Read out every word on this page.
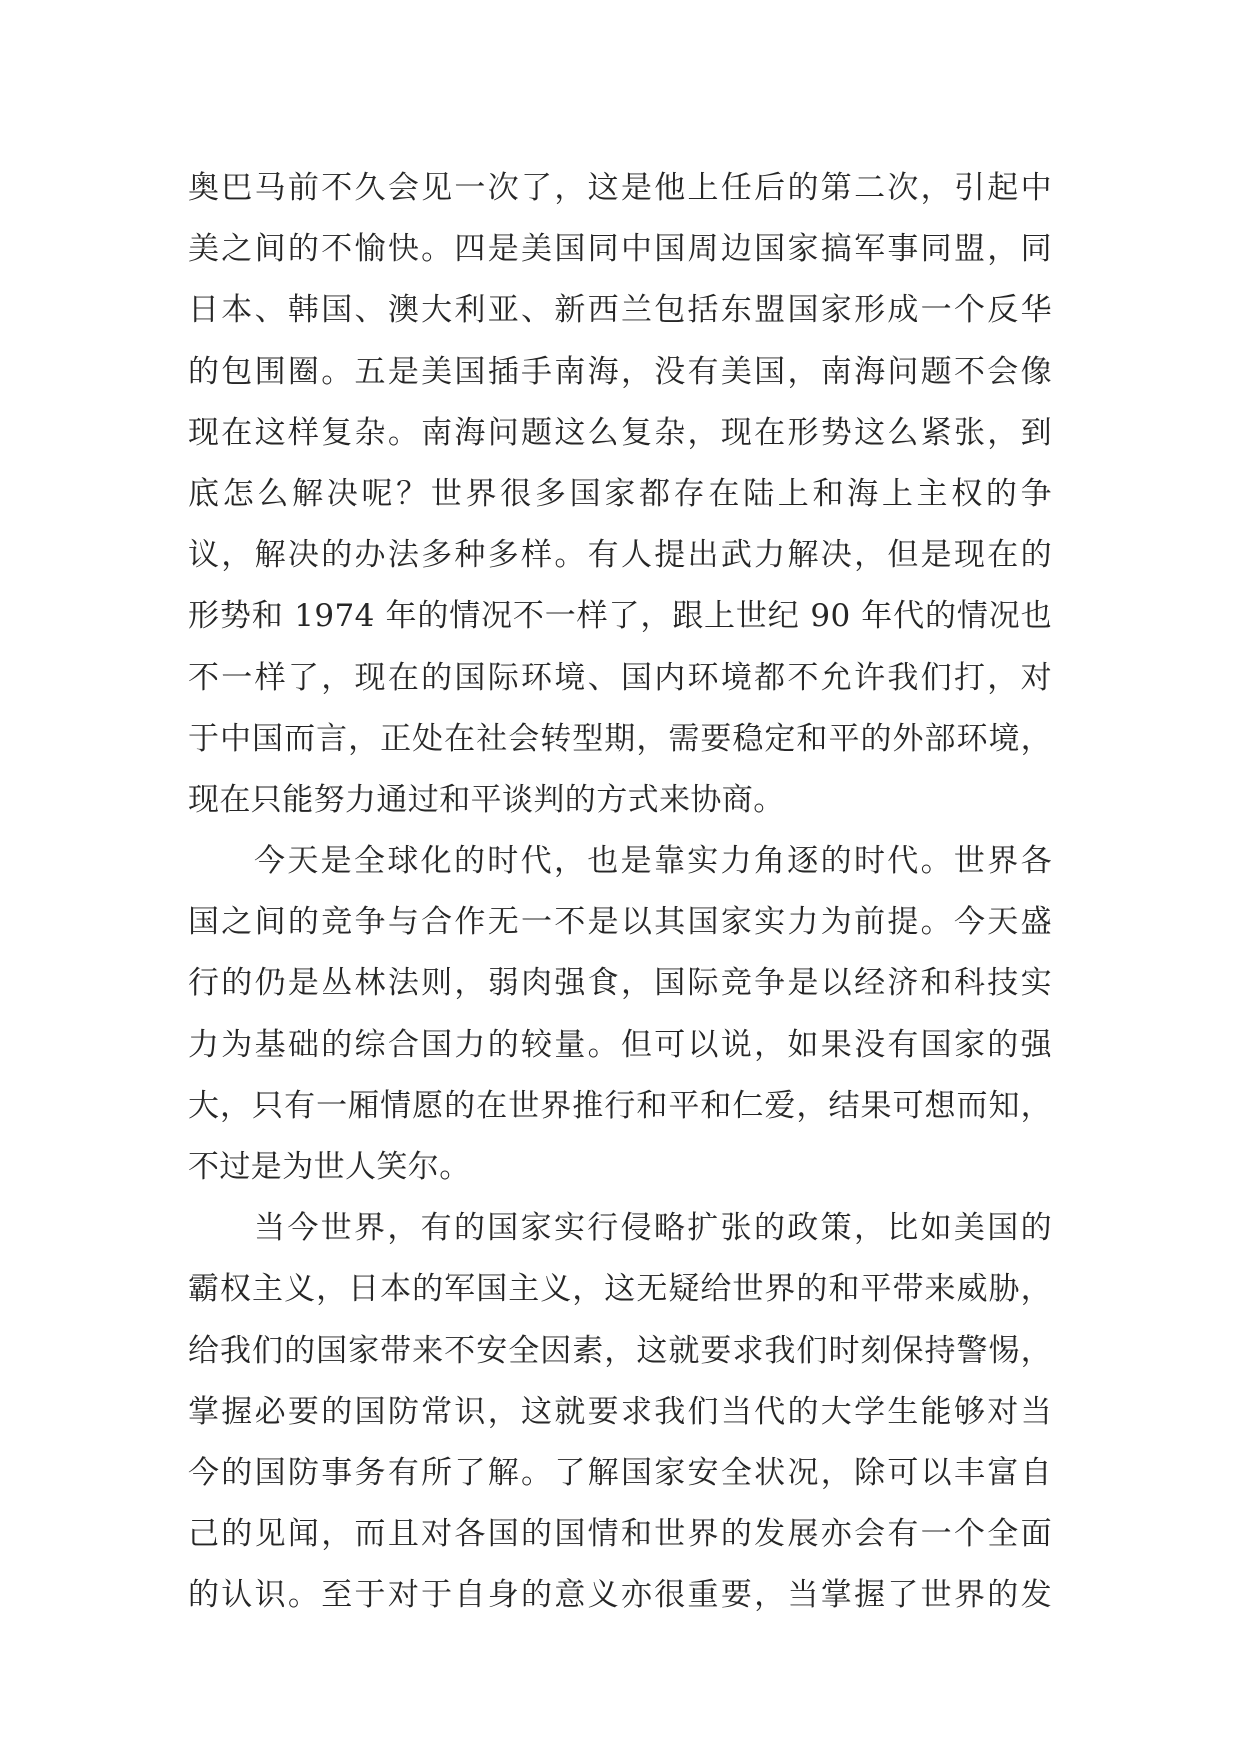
奥巴马前不久会见一次了，这是他上任后的第二次，引起中
美之间的不愉快。四是美国同中国周边国家搞军事同盟，同
日本、韩国、澳大利亚、新西兰包括东盟国家形成一个反华
的包围圈。五是美国插手南海，没有美国，南海问题不会像
现在这样复杂。南海问题这么复杂，现在形势这么紧张，到
底怎么解决呢？世界很多国家都存在陆上和海上主权的争
议，解决的办法多种多样。有人提出武力解决，但是现在的
形势和 1974 年的情况不一样了，跟上世纪 90 年代的情况也
不一样了，现在的国际环境、国内环境都不允许我们打，对
于中国而言，正处在社会转型期，需要稳定和平的外部环境，
现在只能努力通过和平谈判的方式来协商。
今天是全球化的时代，也是靠实力角逐的时代。世界各
国之间的竞争与合作无一不是以其国家实力为前提。今天盛
行的仍是丛林法则，弱肉强食，国际竞争是以经济和科技实
力为基础的综合国力的较量。但可以说，如果没有国家的强
大，只有一厢情愿的在世界推行和平和仁爱，结果可想而知，
不过是为世人笑尔。
当今世界，有的国家实行侵略扩张的政策，比如美国的
霸权主义，日本的军国主义，这无疑给世界的和平带来威胁，
给我们的国家带来不安全因素，这就要求我们时刻保持警惕，
掌握必要的国防常识，这就要求我们当代的大学生能够对当
今的国防事务有所了解。了解国家安全状况，除可以丰富自
己的见闻，而且对各国的国情和世界的发展亦会有一个全面
的认识。至于对于自身的意义亦很重要，当掌握了世界的发
